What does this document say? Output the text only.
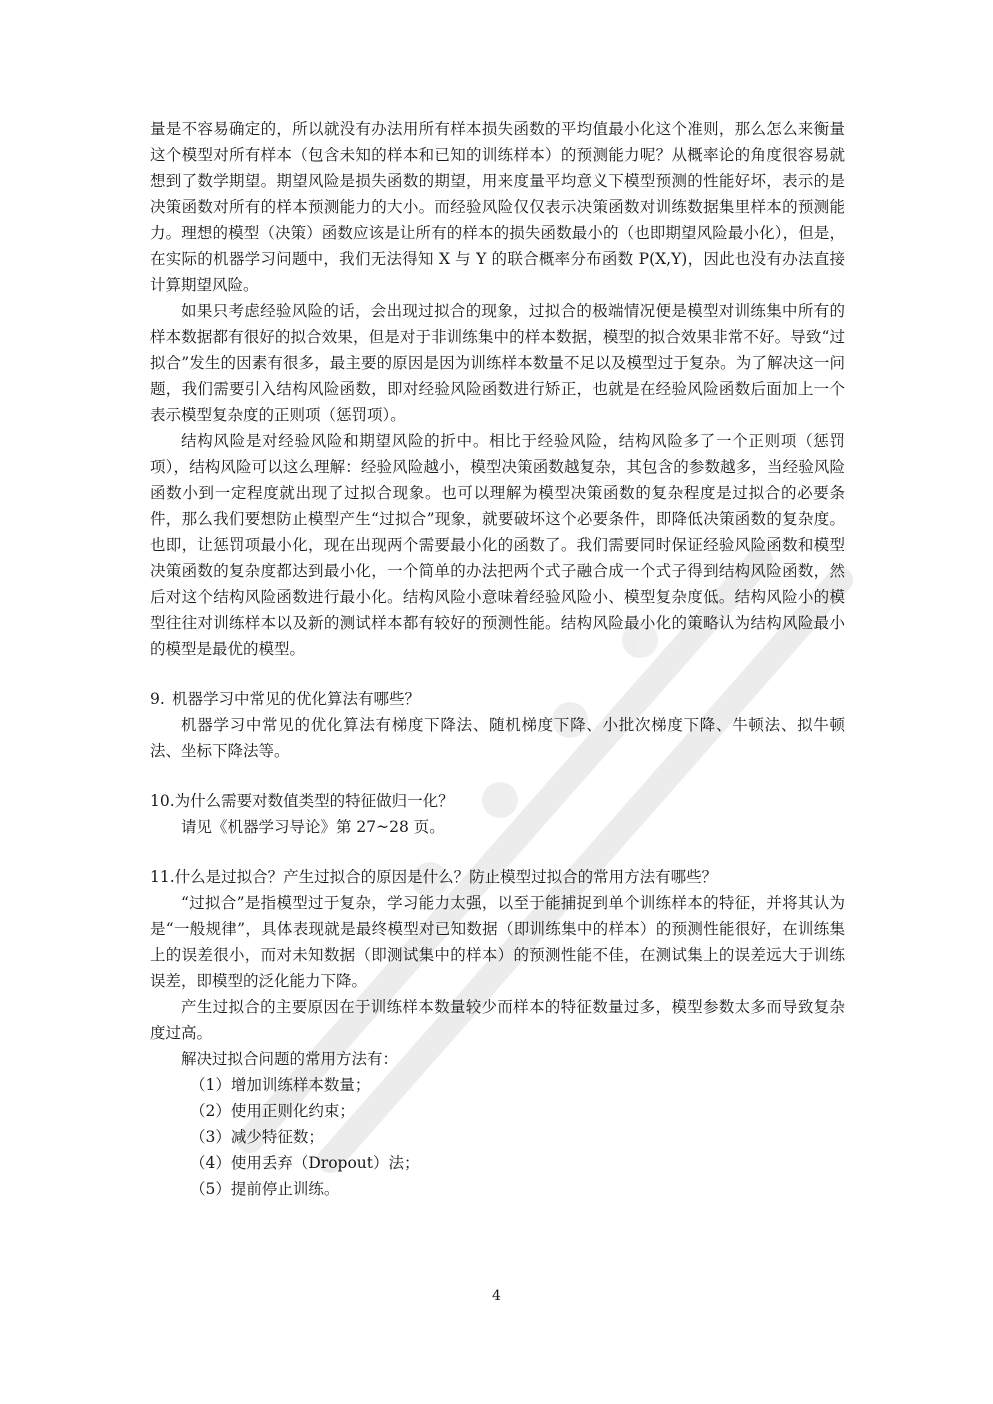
量是不容易确定的，所以就没有办法用所有样本损失函数的平均值最小化这个准则，那么怎么来衡量这个模型对所有样本（包含未知的样本和已知的训练样本）的预测能力呢？从概率论的角度很容易就想到了数学期望。期望风险是损失函数的期望，用来度量平均意义下模型预测的性能好坏，表示的是决策函数对所有的样本预测能力的大小。而经验风险仅仅表示决策函数对训练数据集里样本的预测能力。理想的模型（决策）函数应该是让所有的样本的损失函数最小的（也即期望风险最小化），但是，在实际的机器学习问题中，我们无法得知 X 与 Y 的联合概率分布函数 P(X,Y)，因此也没有办法直接计算期望风险。

如果只考虑经验风险的话，会出现过拟合的现象，过拟合的极端情况便是模型对训练集中所有的样本数据都有很好的拟合效果，但是对于非训练集中的样本数据，模型的拟合效果非常不好。导致“过拟合”发生的因素有很多，最主要的原因是因为训练样本数量不足以及模型过于复杂。为了解决这一问题，我们需要引入结构风险函数，即对经验风险函数进行矫正，也就是在经验风险函数后面加上一个表示模型复杂度的正则项（惩罚项）。

结构风险是对经验风险和期望风险的折中。相比于经验风险，结构风险多了一个正则项（惩罚项），结构风险可以这么理解：经验风险越小，模型决策函数越复杂，其包含的参数越多，当经验风险函数小到一定程度就出现了过拟合现象。也可以理解为模型决策函数的复杂程度是过拟合的必要条件，那么我们要想防止模型产生“过拟合”现象，就要破坏这个必要条件，即降低决策函数的复杂度。也即，让惩罚项最小化，现在出现两个需要最小化的函数了。我们需要同时保证经验风险函数和模型决策函数的复杂度都达到最小化，一个简单的办法把两个式子融合成一个式子得到结构风险函数，然后对这个结构风险函数进行最小化。结构风险小意味着经验风险小、模型复杂度低。结构风险小的模型往往对训练样本以及新的测试样本都有较好的预测性能。结构风险最小化的策略认为结构风险最小的模型是最优的模型。

9. 机器学习中常见的优化算法有哪些？

机器学习中常见的优化算法有梯度下降法、随机梯度下降、小批次梯度下降、牛顿法、拟牛顿法、坐标下降法等。

10.为什么需要对数值类型的特征做归一化？

请见《机器学习导论》第 27~28 页。

11.什么是过拟合？产生过拟合的原因是什么？防止模型过拟合的常用方法有哪些？

“过拟合”是指模型过于复杂，学习能力太强，以至于能捕捉到单个训练样本的特征，并将其认为是“一般规律”，具体表现就是最终模型对已知数据（即训练集中的样本）的预测性能很好，在训练集上的误差很小，而对未知数据（即测试集中的样本）的预测性能不佳，在测试集上的误差远大于训练误差，即模型的泛化能力下降。

产生过拟合的主要原因在于训练样本数量较少而样本的特征数量过多，模型参数太多而导致复杂度过高。

解决过拟合问题的常用方法有：

（1）增加训练样本数量；

（2）使用正则化约束；

（3）减少特征数；

（4）使用丢弃（Dropout）法；

（5）提前停止训练。

4
